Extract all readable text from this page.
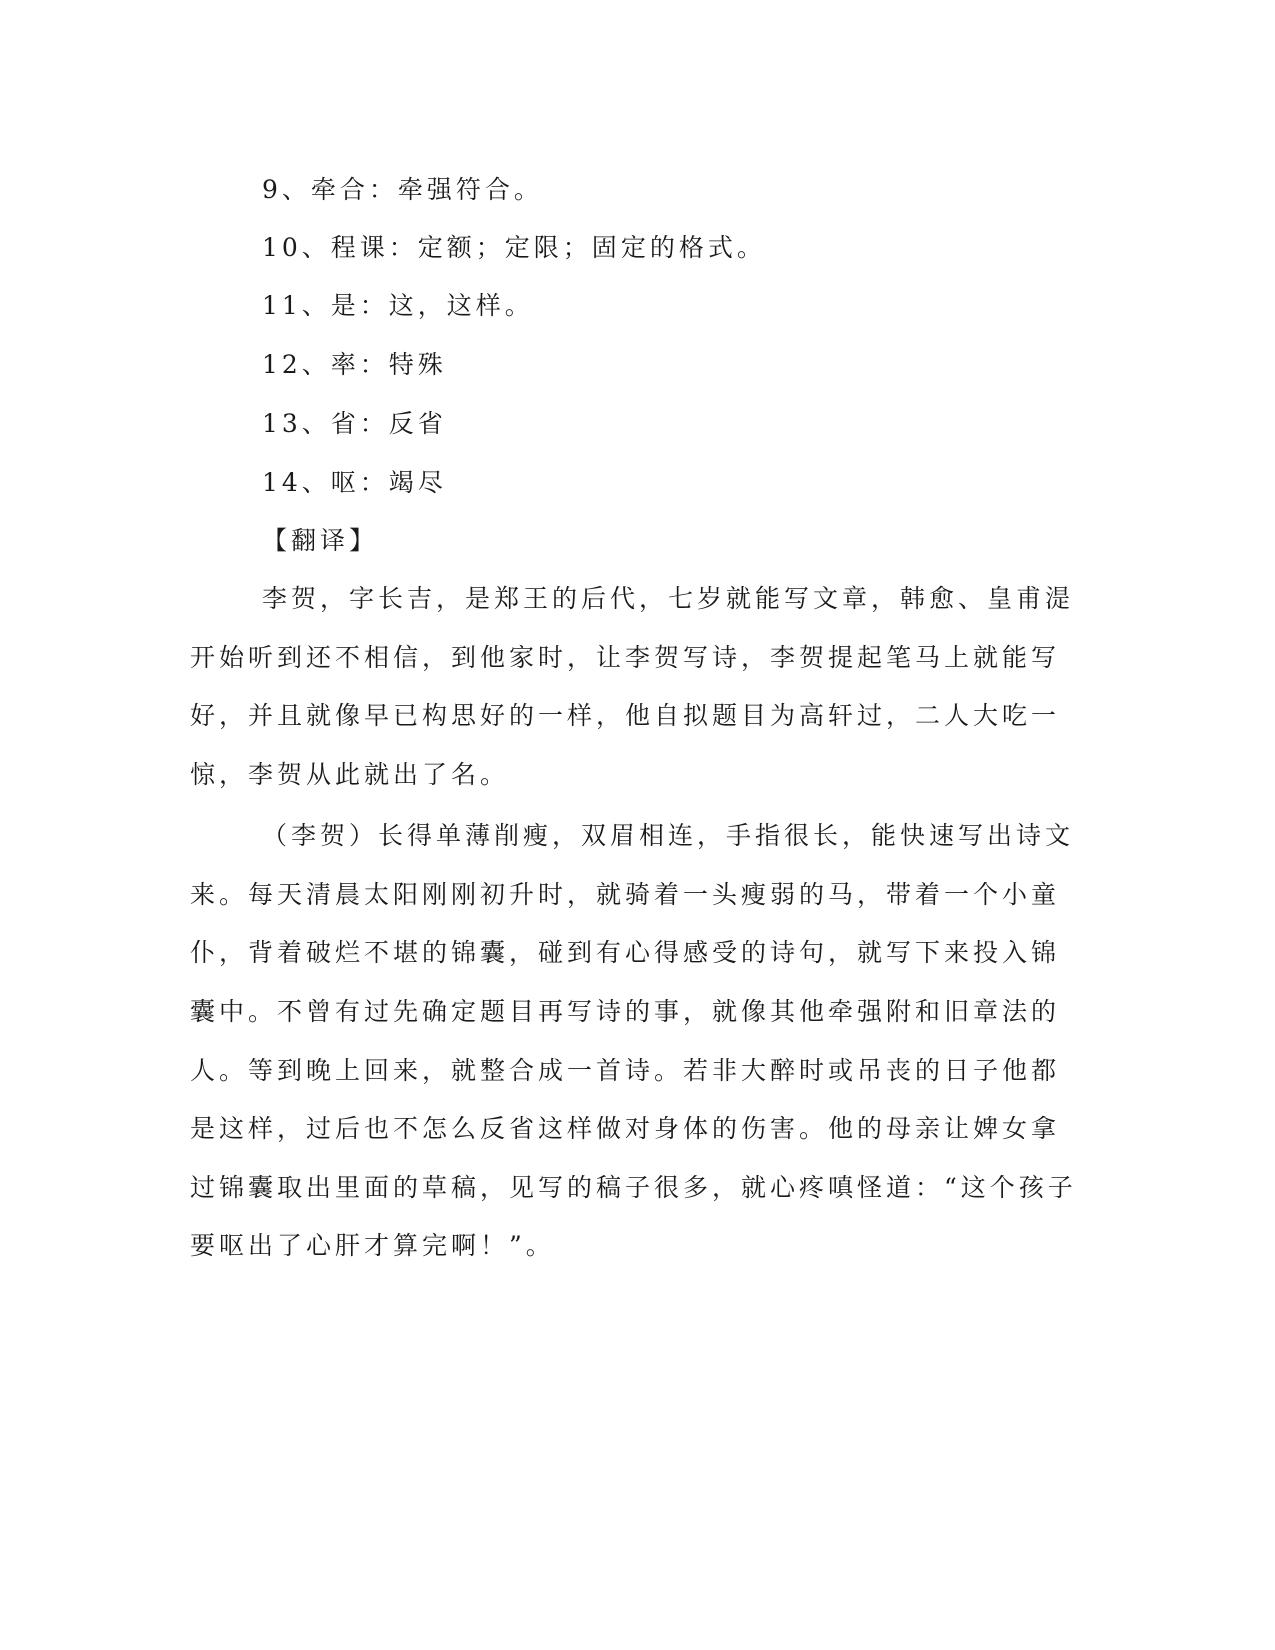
9、牵合：牵强符合。
10、程课：定额；定限；固定的格式。
11、是：这，这样。
12、率：特殊
13、省：反省
14、呕：竭尽
【翻译】
李贺，字长吉，是郑王的后代，七岁就能写文章，韩愈、皇甫湜
开始听到还不相信，到他家时，让李贺写诗，李贺提起笔马上就能写
好，并且就像早已构思好的一样，他自拟题目为高轩过，二人大吃一
惊，李贺从此就出了名。
（李贺）长得单薄削瘦，双眉相连，手指很长，能快速写出诗文
来。每天清晨太阳刚刚初升时，就骑着一头瘦弱的马，带着一个小童
仆，背着破烂不堪的锦囊，碰到有心得感受的诗句，就写下来投入锦
囊中。不曾有过先确定题目再写诗的事，就像其他牵强附和旧章法的
人。等到晚上回来，就整合成一首诗。若非大醉时或吊丧的日子他都
是这样，过后也不怎么反省这样做对身体的伤害。他的母亲让婢女拿
过锦囊取出里面的草稿，见写的稿子很多，就心疼嗔怪道：“这个孩子
要呕出了心肝才算完啊！”。
